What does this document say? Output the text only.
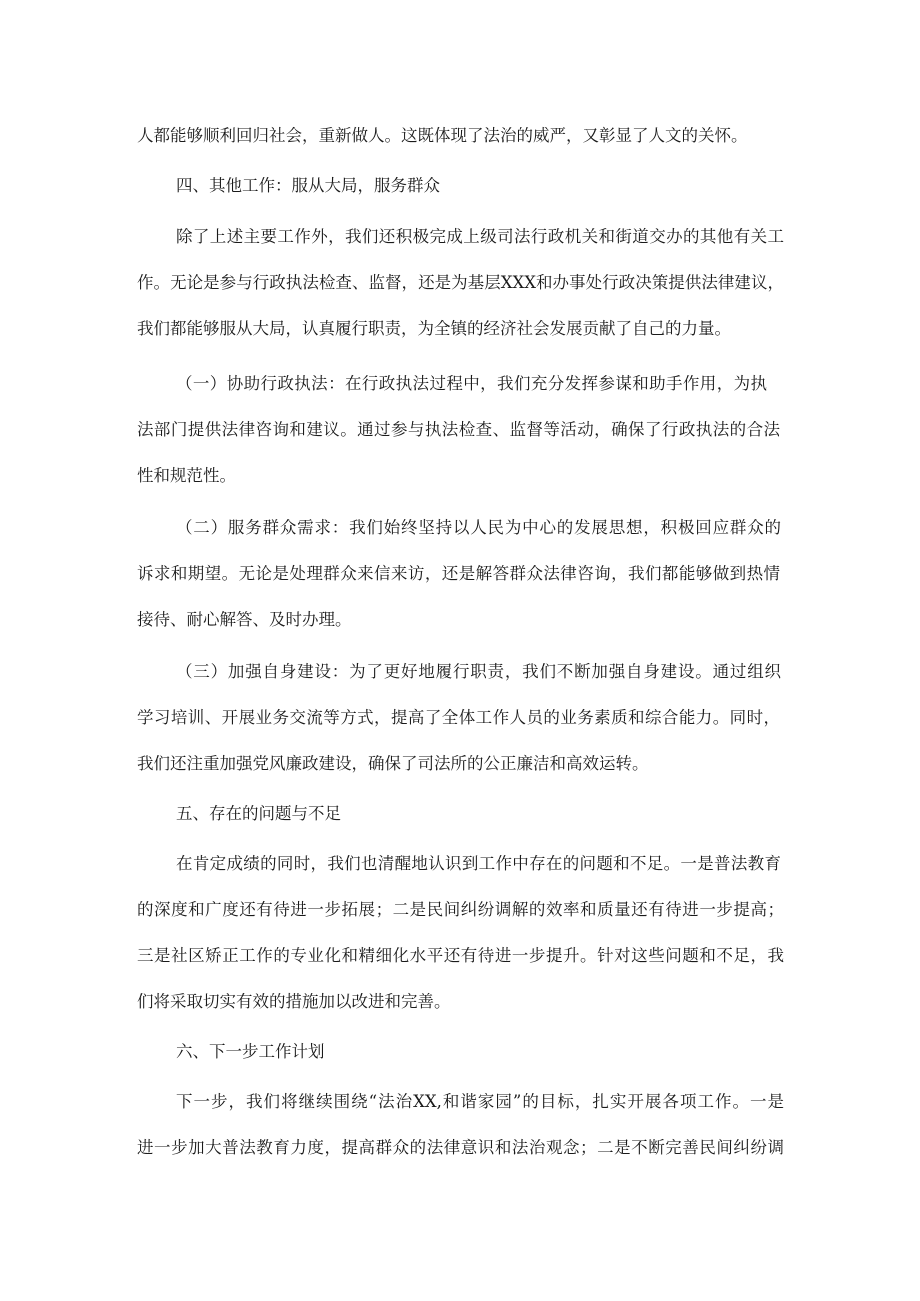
人都能够顺利回归社会，重新做人。这既体现了法治的威严，又彰显了人文的关怀。

四、其他工作：服从大局，服务群众

除了上述主要工作外，我们还积极完成上级司法行政机关和街道交办的其他有关工

作。无论是参与行政执法检查、监督，还是为基层XXX和办事处行政决策提供法律建议，

我们都能够服从大局，认真履行职责，为全镇的经济社会发展贡献了自己的力量。

（一）协助行政执法：在行政执法过程中，我们充分发挥参谋和助手作用，为执

法部门提供法律咨询和建议。通过参与执法检查、监督等活动，确保了行政执法的合法

性和规范性。

（二）服务群众需求：我们始终坚持以人民为中心的发展思想，积极回应群众的

诉求和期望。无论是处理群众来信来访，还是解答群众法律咨询，我们都能够做到热情

接待、耐心解答、及时办理。

（三）加强自身建设：为了更好地履行职责，我们不断加强自身建设。通过组织

学习培训、开展业务交流等方式，提高了全体工作人员的业务素质和综合能力。同时，

我们还注重加强党风廉政建设，确保了司法所的公正廉洁和高效运转。

五、存在的问题与不足

在肯定成绩的同时，我们也清醒地认识到工作中存在的问题和不足。一是普法教育

的深度和广度还有待进一步拓展；二是民间纠纷调解的效率和质量还有待进一步提高；

三是社区矫正工作的专业化和精细化水平还有待进一步提升。针对这些问题和不足，我

们将采取切实有效的措施加以改进和完善。

六、下一步工作计划

下一步，我们将继续围绕“法治XX,和谐家园”的目标，扎实开展各项工作。一是

进一步加大普法教育力度，提高群众的法律意识和法治观念；二是不断完善民间纠纷调
